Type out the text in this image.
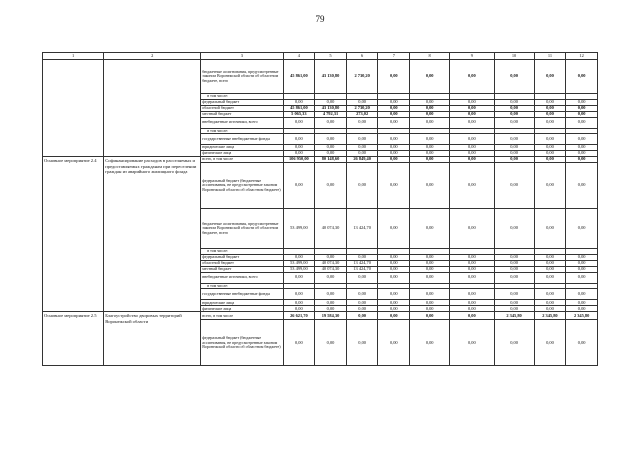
79
1	2	3	4	5	6	7	8	9	10	11	12
		бюджетные ассигнования, предусмотренные законом Воронежской области об областном бюджете, всего	45 861,00	43 130,80	2 730,20	0,00	0,00	0,00	0,00	0,00	0,00
		в том числе:									
		федеральный бюджет	0,00	0,00	0,00	0,00	0,00	0,00	0,00	0,00	0,00
		областной бюджет	45 861,00	43 130,80	2 730,20	0,00	0,00	0,00	0,00	0,00	0,00
		местный бюджет	5 065,33	4 792,31	273,02	0,00	0,00	0,00	0,00	0,00	0,00
		внебюджетные источники, всего	0,00	0,00	0,00	0,00	0,00	0,00	0,00	0,00	0,00
		в том числе:									
		государственные внебюджетные фонды	0,00	0,00	0,00	0,00	0,00	0,00	0,00	0,00	0,00
		юридические лица	0,00	0,00	0,00	0,00	0,00	0,00	0,00	0,00	0,00
		физические лица	0,00	0,00	0,00	0,00	0,00	0,00	0,00	0,00	0,00
Основное мероприятие 2.4	Софинансирование расходов в расселяемых и предоставляемых гражданам при переселении граждан из аварийного жилищного фонда	всего, в том числе	106 950,00	80 148,60	26 849,40	0,00	0,00	0,00	0,00	0,00	0,00
		федеральный бюджет (бюджетные ассигнования, не предусмотренные законом Воронежской области об областном бюджете)	0,00	0,00	0,00	0,00	0,00	0,00	0,00	0,00	0,00
		бюджетные ассигнования, предусмотренные законом Воронежской области об областном бюджете, всего	53 499,00	40 074,30	13 424,70	0,00	0,00	0,00	0,00	0,00	0,00
		в том числе:									
		федеральный бюджет	0,00	0,00	0,00	0,00	0,00	0,00	0,00	0,00	0,00
		областной бюджет	53 499,00	40 074,30	13 424,70	0,00	0,00	0,00	0,00	0,00	0,00
		местный бюджет	53 499,00	40 074,30	13 424,70	0,00	0,00	0,00	0,00	0,00	0,00
		внебюджетные источники, всего	0,00	0,00	0,00	0,00	0,00	0,00	0,00	0,00	0,00
		в том числе:									
		государственные внебюджетные фонды	0,00	0,00	0,00	0,00	0,00	0,00	0,00	0,00	0,00
		юридические лица	0,00	0,00	0,00	0,00	0,00	0,00	0,00	0,00	0,00
		физические лица	0,00	0,00	0,00	0,00	0,00	0,00	0,00	0,00	0,00
Основное мероприятие 2.5	Благоустройство дворовых территорий Воронежской области	всего, в том числе	26 621,70	19 584,30	0,00	0,00	0,00	0,00	2 345,80	2 345,80	2 345,80
		федеральный бюджет (бюджетные ассигнования, не предусмотренные законом Воронежской области об областном бюджете)	0,00	0,00	0,00	0,00	0,00	0,00	0,00	0,00	0,00
